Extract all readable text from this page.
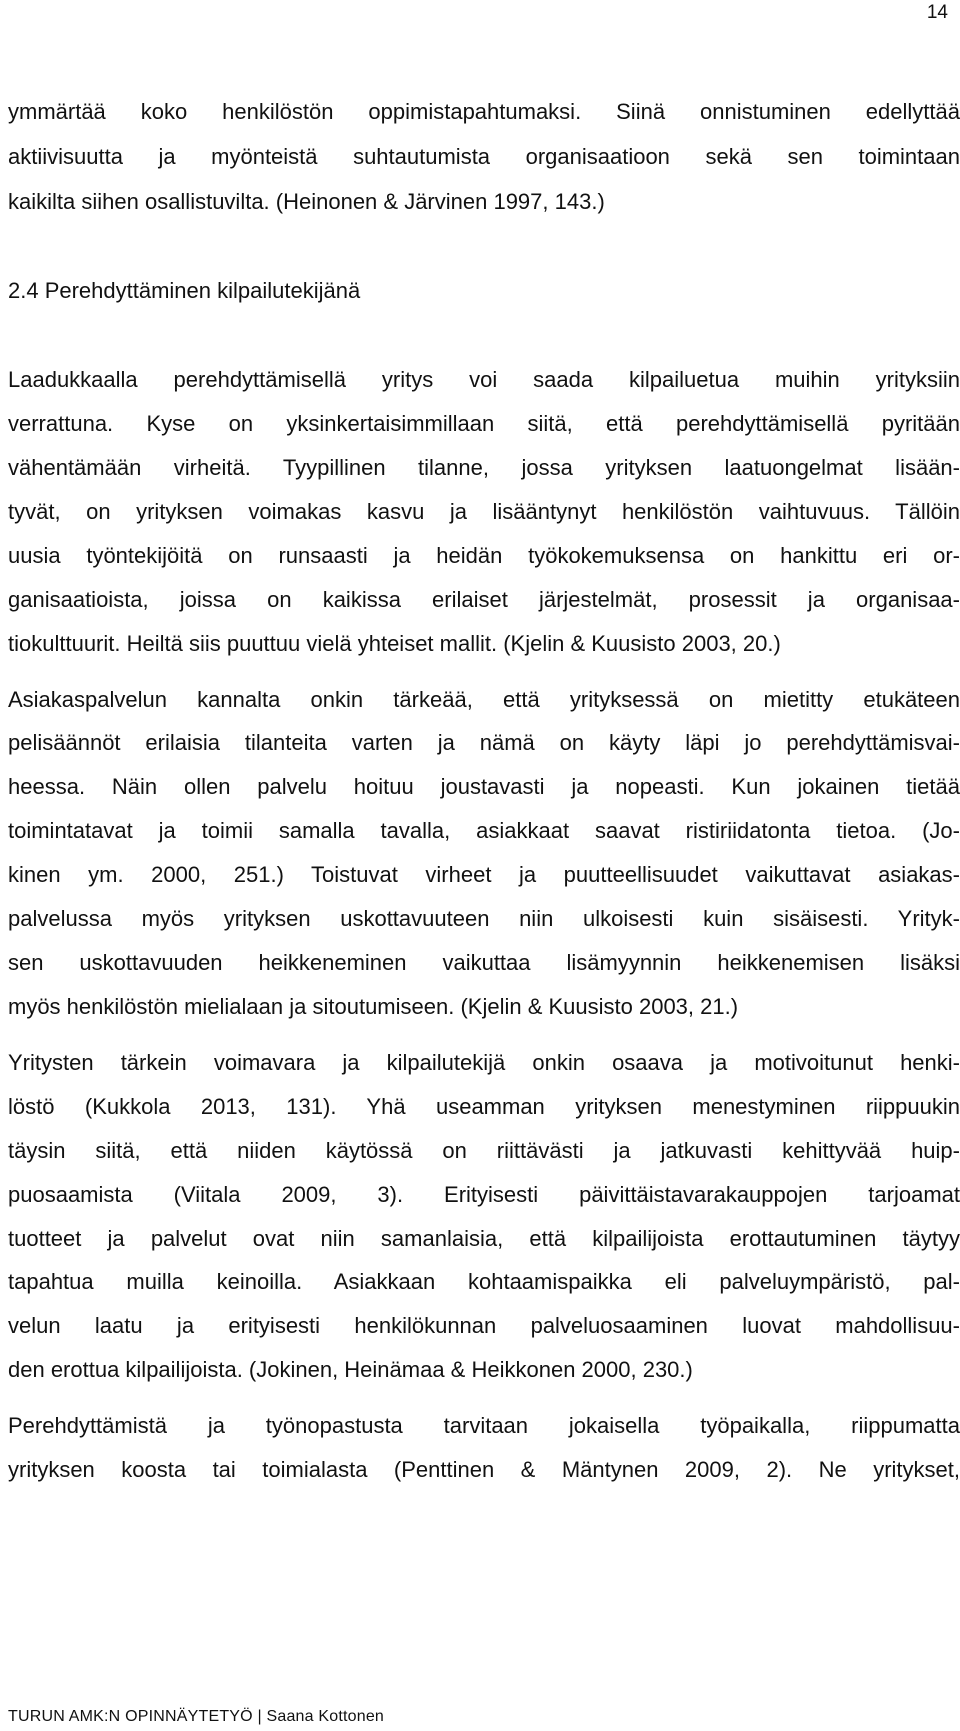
14
ymmärtää koko henkilöstön oppimistapahtumaksi. Siinä onnistuminen edellyttää
aktiivisuutta ja myönteistä suhtautumista organisaatioon sekä sen toimintaan
kaikilta siihen osallistuvilta. (Heinonen & Järvinen 1997, 143.)
2.4 Perehdyttäminen kilpailutekijänä
Laadukkaalla perehdyttämisellä yritys voi saada kilpailuetua muihin yrityksiin
verrattuna. Kyse on yksinkertaisimmillaan siitä, että perehdyttämisellä pyritään
vähentämään virheitä. Tyypillinen tilanne, jossa yrityksen laatuongelmat lisään-
tyvät, on yrityksen voimakas kasvu ja lisääntynyt henkilöstön vaihtuvuus. Tällöin
uusia työntekijöitä on runsaasti ja heidän työkokemuksensa on hankittu eri or-
ganisaatioista, joissa on kaikissa erilaiset järjestelmät, prosessit ja organisaa-
tiokulttuurit. Heiltä siis puuttuu vielä yhteiset mallit. (Kjelin & Kuusisto 2003, 20.)
Asiakaspalvelun kannalta onkin tärkeää, että yrityksessä on mietitty etukäteen
pelisäännöt erilaisia tilanteita varten ja nämä on käyty läpi jo perehdyttämisvai-
heessa. Näin ollen palvelu hoituu joustavasti ja nopeasti. Kun jokainen tietää
toimintatavat ja toimii samalla tavalla, asiakkaat saavat ristiriidatonta tietoa. (Jo-
kinen ym. 2000, 251.) Toistuvat virheet ja puutteellisuudet vaikuttavat asiakas-
palvelussa myös yrityksen uskottavuuteen niin ulkoisesti kuin sisäisesti. Yrityk-
sen uskottavuuden heikkeneminen vaikuttaa lisämyynnin heikkenemisen lisäksi
myös henkilöstön mielialaan ja sitoutumiseen. (Kjelin & Kuusisto 2003, 21.)
Yritysten tärkein voimavara ja kilpailutekijä onkin osaava ja motivoitunut henki-
löstö (Kukkola 2013, 131). Yhä useamman yrityksen menestyminen riippuukin
täysin siitä, että niiden käytössä on riittävästi ja jatkuvasti kehittyvää huip-
puosaamista (Viitala 2009, 3). Erityisesti päivittäistavarakauppojen tarjoamat
tuotteet ja palvelut ovat niin samanlaisia, että kilpailijoista erottautuminen täytyy
tapahtua muilla keinoilla. Asiakkaan kohtaamispaikka eli palveluympäristö, pal-
velun laatu ja erityisesti henkilökunnan palveluosaaminen luovat mahdollisuu-
den erottua kilpailijoista. (Jokinen, Heinämaa & Heikkonen 2000, 230.)
Perehdyttämistä ja työnopastusta tarvitaan jokaisella työpaikalla, riippumatta
yrityksen koosta tai toimialasta (Penttinen & Mäntynen 2009, 2). Ne yritykset,
TURUN AMK:N OPINNÄYTETYÖ | Saana Kottonen
